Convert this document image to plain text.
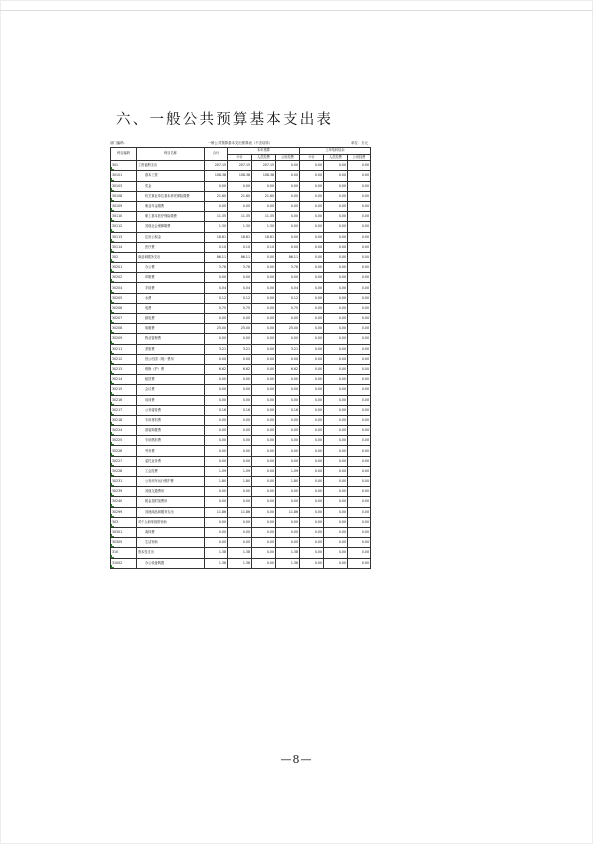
六、一般公共预算基本支出表
部门编码:	一般公共预算基本支出预算表（不含结转）	单位：万元
科目编码	科目名称	合计	本年预算			上年结转结余		
			小计	人员经费	公用经费	小计	人员经费	公用经费
301	工资福利支出	207.15	207.15	207.15	0.00	0.00	0.00	0.00
30101	基本工资	108.38	108.38	108.38	0.00	0.00	0.00	0.00
30103	奖金	0.00	0.00	0.00	0.00	0.00	0.00	0.00
30108	机关事业单位基本养老保险缴费	21.60	21.60	21.60	0.00	0.00	0.00	0.00
30109	职业年金缴费	0.00	0.00	0.00	0.00	0.00	0.00	0.00
30110	职工基本医疗保险缴费	11.35	11.35	11.35	0.00	0.00	0.00	0.00
30112	其他社会保障缴费	1.30	1.30	1.30	0.00	0.00	0.00	0.00
30113	住房公积金	18.81	18.81	18.81	0.00	0.00	0.00	0.00
30114	医疗费	0.10	0.10	0.10	0.00	0.00	0.00	0.00
302	商品和服务支出	86.11	86.11	0.00	86.11	0.00	0.00	0.00
30201	办公费	3.78	3.78	0.00	3.78	0.00	0.00	0.00
30202	印刷费	0.00	0.00	0.00	0.00	0.00	0.00	0.00
30204	手续费	0.04	0.04	0.00	0.04	0.00	0.00	0.00
30205	水费	0.12	0.12	0.00	0.12	0.00	0.00	0.00
30206	电费	0.75	0.75	0.00	0.75	0.00	0.00	0.00
30207	邮电费	0.00	0.00	0.00	0.00	0.00	0.00	0.00
30208	取暖费	25.00	25.00	0.00	25.00	0.00	0.00	0.00
30209	物业管理费	0.00	0.00	0.00	0.00	0.00	0.00	0.00
30211	差旅费	3.21	3.21	0.00	3.21	0.00	0.00	0.00
30212	因公出国（境）费用	0.00	0.00	0.00	0.00	0.00	0.00	0.00
30213	维修（护）费	6.62	6.62	0.00	6.62	0.00	0.00	0.00
30214	租赁费	0.00	0.00	0.00	0.00	0.00	0.00	0.00
30215	会议费	0.00	0.00	0.00	0.00	0.00	0.00	0.00
30216	培训费	0.00	0.00	0.00	0.00	0.00	0.00	0.00
30217	公务接待费	0.16	0.16	0.00	0.16	0.00	0.00	0.00
30218	专用材料费	0.00	0.00	0.00	0.00	0.00	0.00	0.00
30224	被装购置费	0.00	0.00	0.00	0.00	0.00	0.00	0.00
30225	专用燃料费	0.00	0.00	0.00	0.00	0.00	0.00	0.00
30226	劳务费	0.00	0.00	0.00	0.00	0.00	0.00	0.00
30227	委托业务费	0.00	0.00	0.00	0.00	0.00	0.00	0.00
30228	工会经费	1.09	1.09	0.00	1.09	0.00	0.00	0.00
30231	公务用车运行维护费	1.80	1.80	0.00	1.80	0.00	0.00	0.00
30239	其他交通费用	0.00	0.00	0.00	0.00	0.00	0.00	0.00
30240	税金及附加费用	0.00	0.00	0.00	0.00	0.00	0.00	0.00
30299	其他商品和服务支出	11.86	11.86	0.00	11.86	0.00	0.00	0.00
303	对个人和家庭的补助	0.00	0.00	0.00	0.00	0.00	0.00	0.00
30301	离休费	0.00	0.00	0.00	0.00	0.00	0.00	0.00
30305	生活补助	0.00	0.00	0.00	0.00	0.00	0.00	0.00
310	资本性支出	1.38	1.38	0.00	1.38	0.00	0.00	0.00
31002	办公设备购置	1.38	1.38	0.00	1.38	0.00	0.00	0.00
—8—
